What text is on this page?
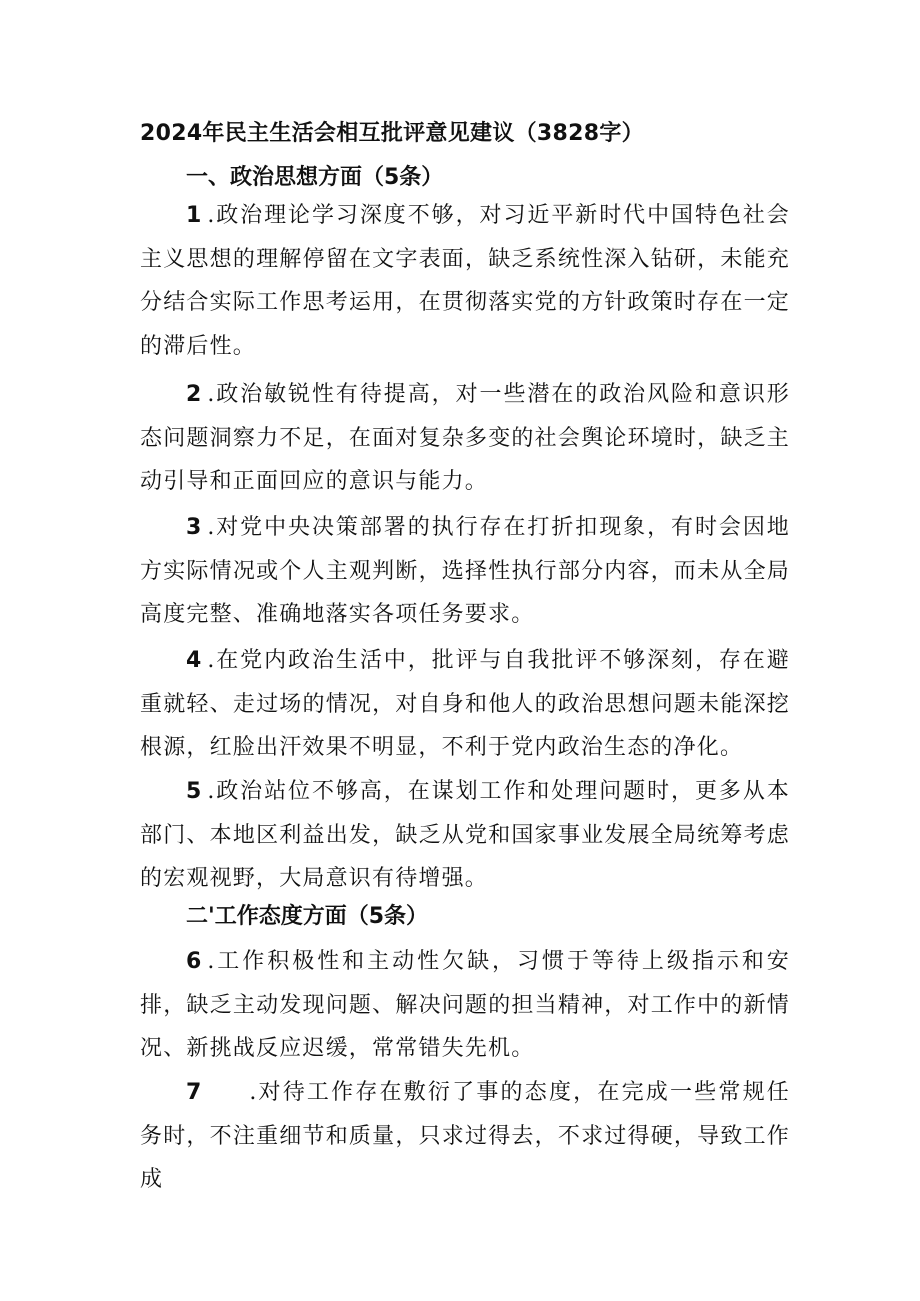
2024年民主生活会相互批评意见建议（3828字）
一、政治思想方面（5条）

1.政治理论学习深度不够，对习近平新时代中国特色社会主义思想的理解停留在文字表面，缺乏系统性深入钻研，未能充分结合实际工作思考运用，在贯彻落实党的方针政策时存在一定的滞后性。

2.政治敏锐性有待提高，对一些潜在的政治风险和意识形态问题洞察力不足，在面对复杂多变的社会舆论环境时，缺乏主动引导和正面回应的意识与能力。

3.对党中央决策部署的执行存在打折扣现象，有时会因地方实际情况或个人主观判断，选择性执行部分内容，而未从全局高度完整、准确地落实各项任务要求。

4.在党内政治生活中，批评与自我批评不够深刻，存在避重就轻、走过场的情况，对自身和他人的政治思想问题未能深挖根源，红脸出汗效果不明显，不利于党内政治生态的净化。

5.政治站位不够高，在谋划工作和处理问题时，更多从本部门、本地区利益出发，缺乏从党和国家事业发展全局统筹考虑的宏观视野，大局意识有待增强。

二'工作态度方面（5条）

6.工作积极性和主动性欠缺，习惯于等待上级指示和安排，缺乏主动发现问题、解决问题的担当精神，对工作中的新情况、新挑战反应迟缓，常常错失先机。

7.对待工作存在敷衍了事的态度，在完成一些常规任务时，不注重细节和质量，只求过得去，不求过得硬，导致工作成
